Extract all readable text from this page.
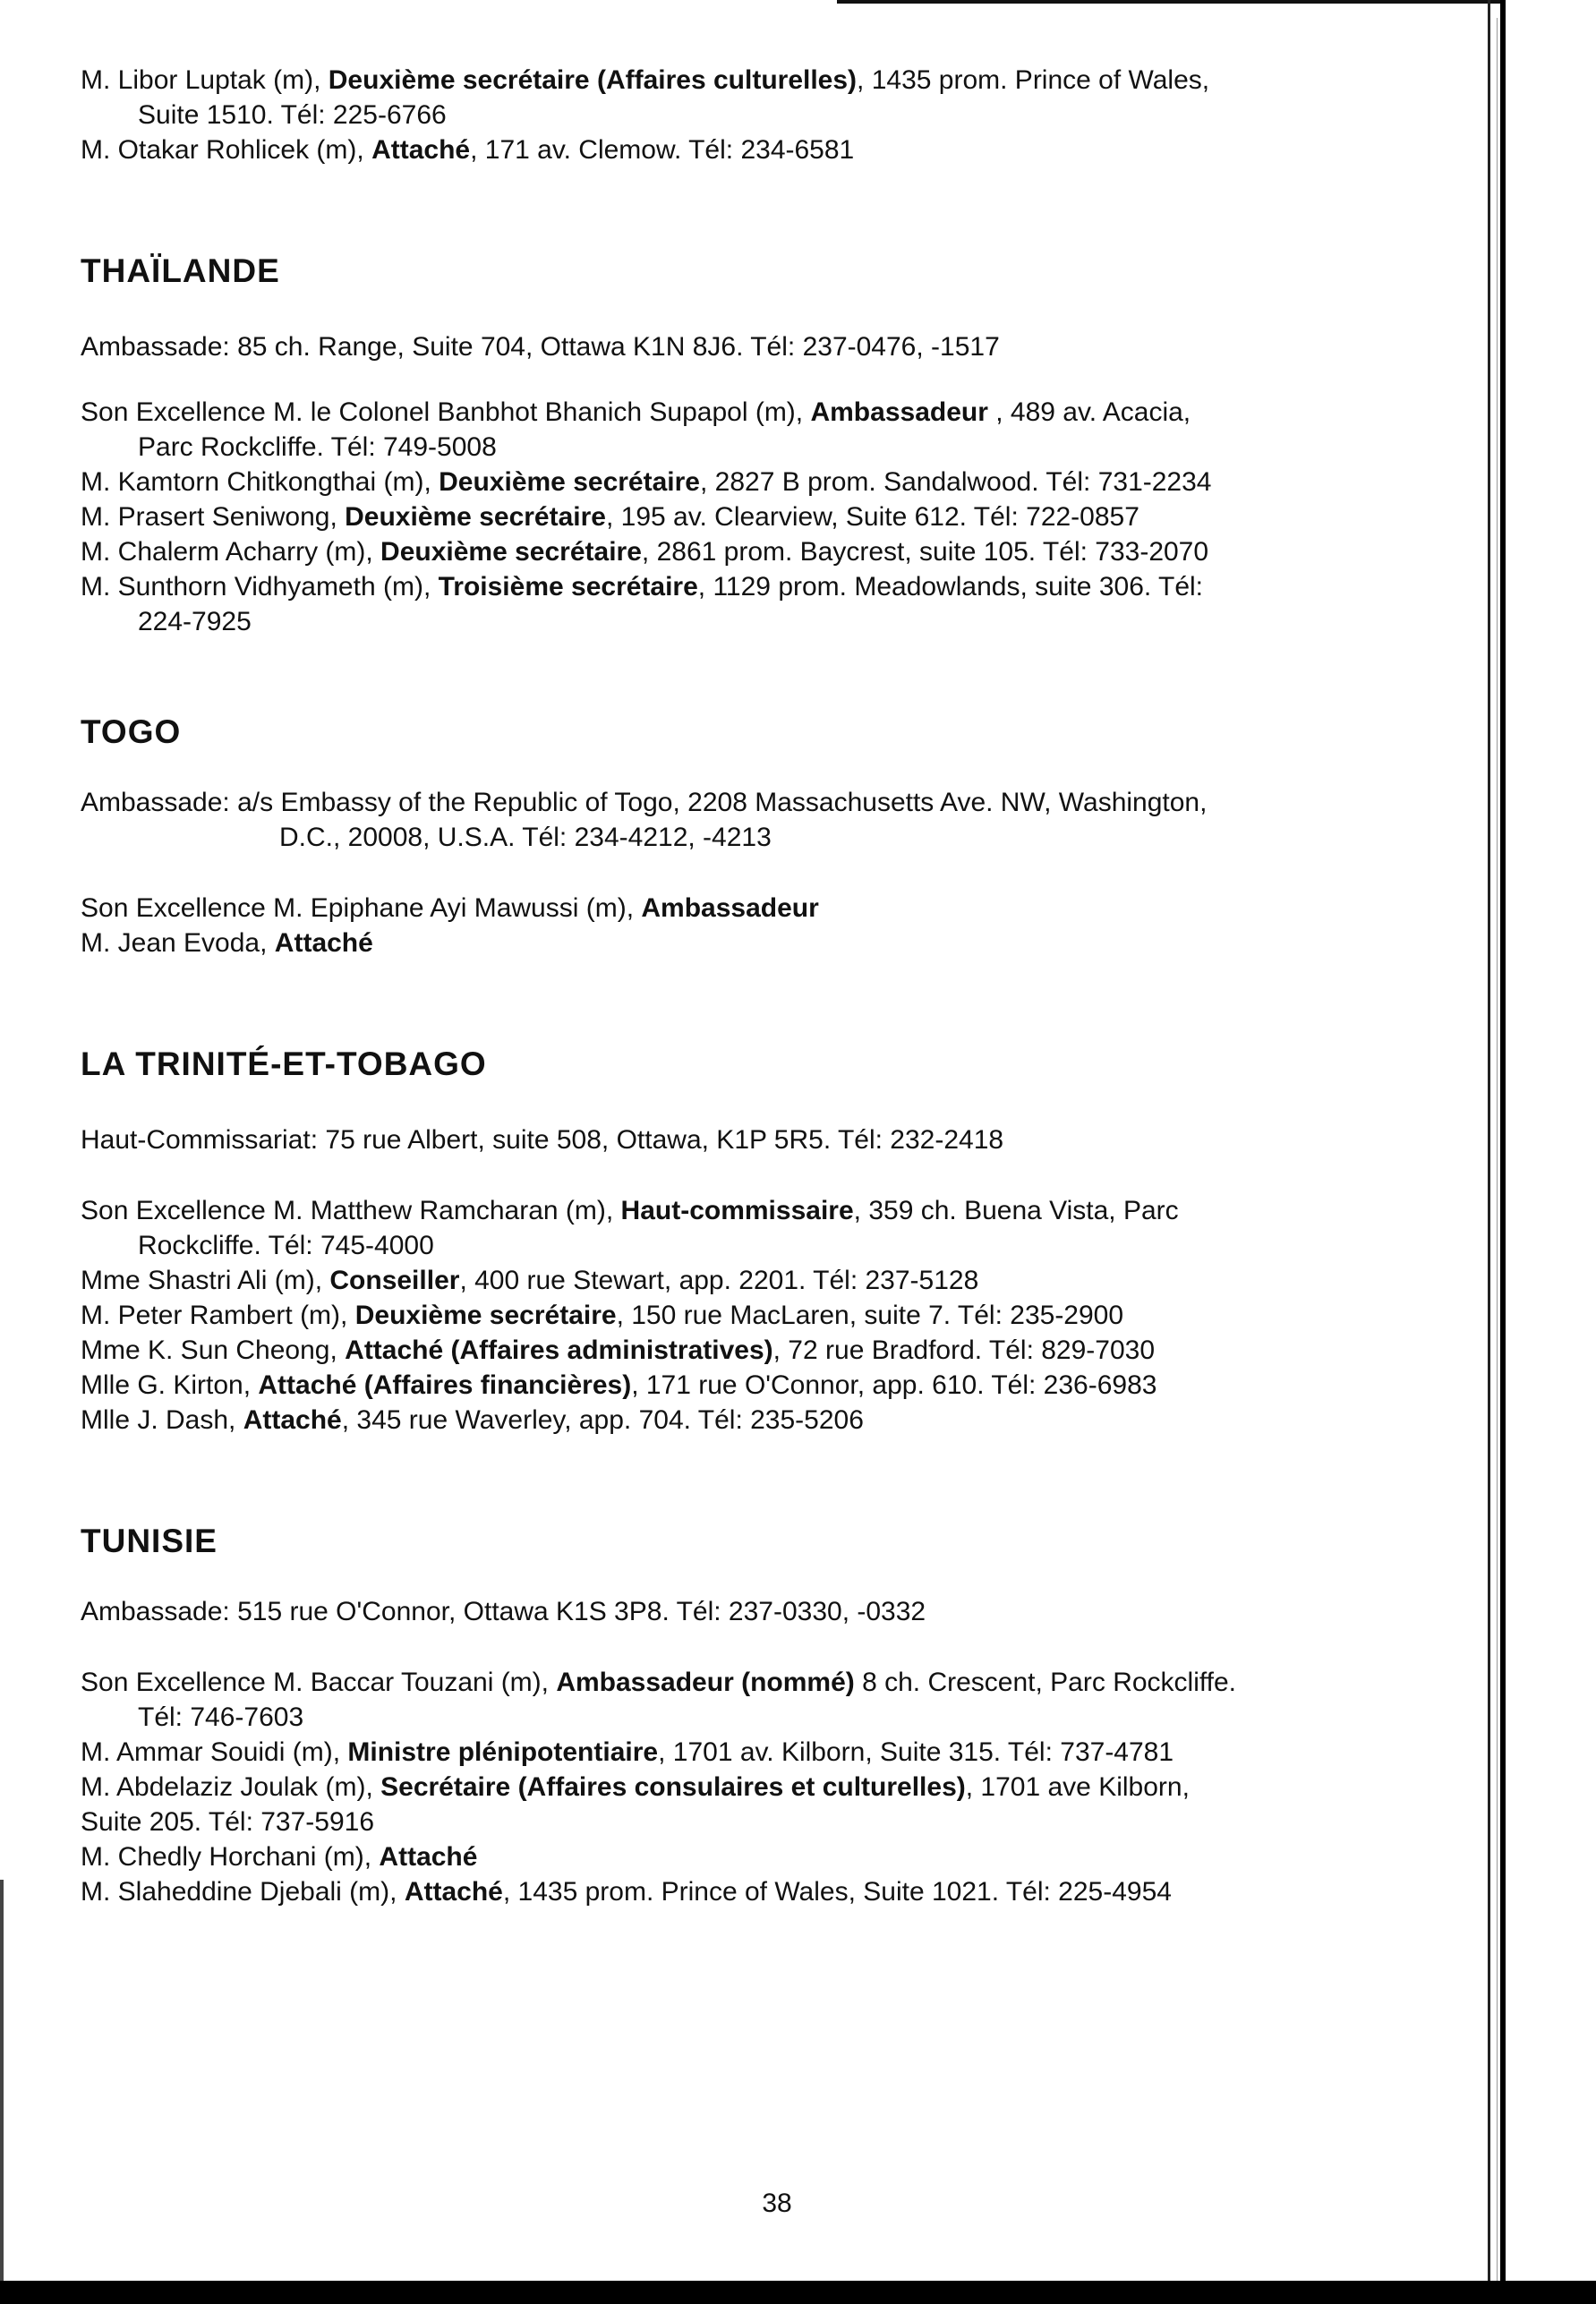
M. Libor Luptak (m), Deuxième secrétaire (Affaires culturelles), 1435 prom. Prince of Wales,

Suite 1510. Tél: 225-6766

M. Otakar Rohlicek (m), Attaché, 171 av. Clemow. Tél: 234-6581

THAÏLANDE

Ambassade: 85 ch. Range, Suite 704, Ottawa K1N 8J6. Tél: 237-0476, -1517

Son Excellence M. le Colonel Banbhot Bhanich Supapol (m), Ambassadeur , 489 av. Acacia,

Parc Rockcliffe. Tél: 749-5008

M. Kamtorn Chitkongthai (m), Deuxième secrétaire, 2827 B prom. Sandalwood. Tél: 731-2234

M. Prasert Seniwong, Deuxième secrétaire, 195 av. Clearview, Suite 612. Tél: 722-0857

M. Chalerm Acharry (m), Deuxième secrétaire, 2861 prom. Baycrest, suite 105. Tél: 733-2070

M. Sunthorn Vidhyameth (m), Troisième secrétaire, 1129 prom. Meadowlands, suite 306. Tél:

224-7925

TOGO

Ambassade: a/s Embassy of the Republic of Togo, 2208 Massachusetts Ave. NW, Washington,

D.C., 20008, U.S.A. Tél: 234-4212, -4213

Son Excellence M. Epiphane Ayi Mawussi (m), Ambassadeur

M. Jean Evoda, Attaché

LA TRINITÉ-ET-TOBAGO

Haut-Commissariat: 75 rue Albert, suite 508, Ottawa, K1P 5R5. Tél: 232-2418

Son Excellence M. Matthew Ramcharan (m), Haut-commissaire, 359 ch. Buena Vista, Parc

Rockcliffe. Tél: 745-4000

Mme Shastri Ali (m), Conseiller, 400 rue Stewart, app. 2201. Tél: 237-5128

M. Peter Rambert (m), Deuxième secrétaire, 150 rue MacLaren, suite 7. Tél: 235-2900

Mme K. Sun Cheong, Attaché (Affaires administratives), 72 rue Bradford. Tél: 829-7030

Mlle G. Kirton, Attaché (Affaires financières), 171 rue O'Connor, app. 610. Tél: 236-6983

Mlle J. Dash, Attaché, 345 rue Waverley, app. 704. Tél: 235-5206

TUNISIE

Ambassade: 515 rue O'Connor, Ottawa K1S 3P8. Tél: 237-0330, -0332

Son Excellence M. Baccar Touzani (m), Ambassadeur (nommé) 8 ch. Crescent, Parc Rockcliffe.

Tél: 746-7603

M. Ammar Souidi (m), Ministre plénipotentiaire, 1701 av. Kilborn, Suite 315. Tél: 737-4781

M. Abdelaziz Joulak (m), Secrétaire (Affaires consulaires et culturelles), 1701 ave Kilborn,

Suite 205. Tél: 737-5916

M. Chedly Horchani (m), Attaché

M. Slaheddine Djebali (m), Attaché, 1435 prom. Prince of Wales, Suite 1021. Tél: 225-4954

38
